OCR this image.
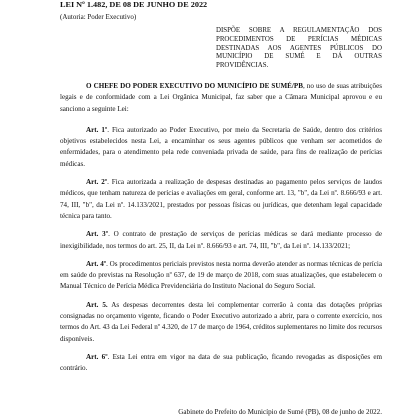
LEI Nº 1.482, DE 08 DE JUNHO DE 2022
(Autoria: Poder Executivo)
DISPÕE SOBRE A REGULAMENTAÇÃO DOS PROCEDIMENTOS DE PERÍCIAS MÉDICAS DESTINADAS AOS AGENTES PÚBLICOS DO MUNICÍPIO DE SUMÉ E DÁ OUTRAS PROVIDÊNCIAS.

O CHEFE DO PODER EXECUTIVO DO MUNICÍPIO DE SUMÉ/PB, no uso de suas atribuições legais e de conformidade com a Lei Orgânica Municipal, faz saber que a Câmara Municipal aprovou e eu sanciono a seguinte Lei:

Art. 1º. Fica autorizado ao Poder Executivo, por meio da Secretaria de Saúde, dentro dos critérios objetivos estabelecidos nesta Lei, a encaminhar os seus agentes públicos que venham ser acometidos de enfermidades, para o atendimento pela rede conveniada privada de saúde, para fins de realização de perícias médicas.

Art. 2º. Fica autorizada a realização de despesas destinadas ao pagamento pelos serviços de laudos médicos, que tenham natureza de perícias e avaliações em geral, conforme art. 13, "b", da Lei nº. 8.666/93 e art. 74, III, "b", da Lei nº. 14.133/2021, prestados por pessoas físicas ou jurídicas, que detenham legal capacidade técnica para tanto.

Art. 3º. O contrato de prestação de serviços de perícias médicas se dará mediante processo de inexigibilidade, nos termos do art. 25, II, da Lei nº. 8.666/93 e art. 74, III, "b", da Lei nº. 14.133/2021;

Art. 4º. Os procedimentos periciais previstos nesta norma deverão atender as normas técnicas de perícia em saúde do previstas na Resolução nº 637, de 19 de março de 2018, com suas atualizações, que estabelecem o Manual Técnico de Perícia Médica Previdenciária do Instituto Nacional do Seguro Social.

Art. 5. As despesas decorrentes desta lei complementar correrão à conta das dotações próprias consignadas no orçamento vigente, ficando o Poder Executivo autorizado a abrir, para o corrente exercício, nos termos do Art. 43 da Lei Federal nº 4.320, de 17 de março de 1964, créditos suplementares no limite dos recursos disponíveis.

Art. 6º. Esta Lei entra em vigor na data de sua publicação, ficando revogadas as disposições em contrário.

Gabinete do Prefeito do Município de Sumé (PB), 08 de junho de 2022.
